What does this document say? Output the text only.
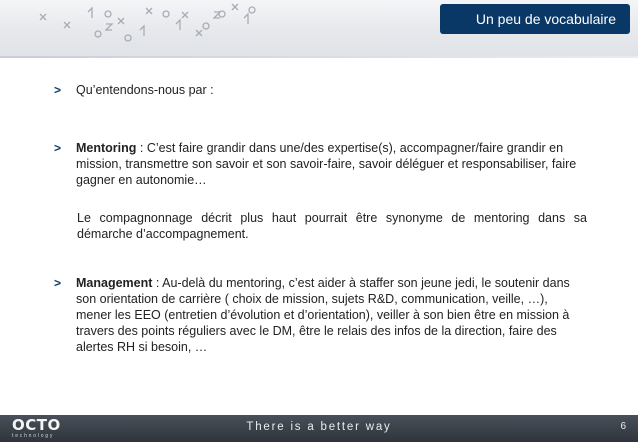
Un peu de vocabulaire
> Qu’entendons-nous par :
> Mentoring : C’est faire grandir dans une/des expertise(s), accompagner/faire grandir en mission, transmettre son savoir et son savoir-faire, savoir déléguer et responsabiliser, faire gagner en autonomie…
Le compagnonnage décrit plus haut pourrait être synonyme de mentoring dans sa démarche d’accompagnement.
> Management : Au-delà du mentoring, c’est aider à staffer son jeune jedi, le soutenir dans son orientation de carrière ( choix de mission, sujets R&D, communication, veille, …), mener les EEO (entretien d’évolution et d’orientation), veiller à son bien être en mission à travers des points réguliers avec le DM, être le relais des infos de la direction, faire des alertes RH si besoin, …
OCTO
technology
There is a better way	6
